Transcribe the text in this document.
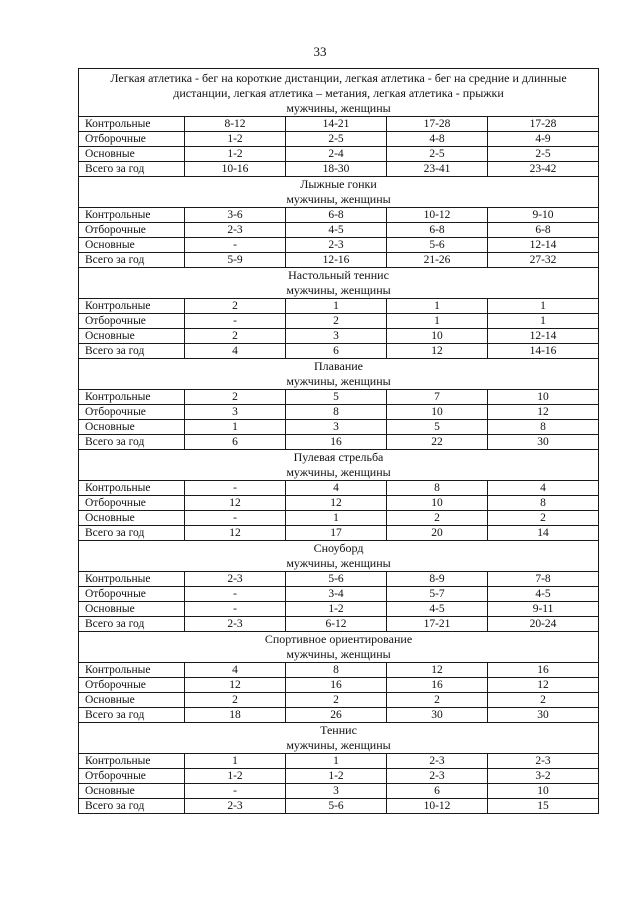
33
Легкая атлетика - бег на короткие дистанции, легкая атлетика - бег на средние и длинные дистанции, легкая атлетика – метания, легкая атлетика - прыжки				
мужчины, женщины				
Контрольные	8-12	14-21	17-28	17-28
Отборочные	1-2	2-5	4-8	4-9
Основные	1-2	2-4	2-5	2-5
Всего за год	10-16	18-30	23-41	23-42
Лыжные гонки				
мужчины, женщины				
Контрольные	3-6	6-8	10-12	9-10
Отборочные	2-3	4-5	6-8	6-8
Основные	-	2-3	5-6	12-14
Всего за год	5-9	12-16	21-26	27-32
Настольный теннис				
мужчины, женщины				
Контрольные	2	1	1	1
Отборочные	-	2	1	1
Основные	2	3	10	12-14
Всего за год	4	6	12	14-16
Плавание				
мужчины, женщины				
Контрольные	2	5	7	10
Отборочные	3	8	10	12
Основные	1	3	5	8
Всего за год	6	16	22	30
Пулевая стрельба				
мужчины, женщины				
Контрольные	-	4	8	4
Отборочные	12	12	10	8
Основные	-	1	2	2
Всего за год	12	17	20	14
Сноуборд				
мужчины, женщины				
Контрольные	2-3	5-6	8-9	7-8
Отборочные	-	3-4	5-7	4-5
Основные	-	1-2	4-5	9-11
Всего за год	2-3	6-12	17-21	20-24
Спортивное ориентирование				
мужчины, женщины				
Контрольные	4	8	12	16
Отборочные	12	16	16	12
Основные	2	2	2	2
Всего за год	18	26	30	30
Теннис				
мужчины, женщины				
Контрольные	1	1	2-3	2-3
Отборочные	1-2	1-2	2-3	3-2
Основные	-	3	6	10
Всего за год	2-3	5-6	10-12	15
